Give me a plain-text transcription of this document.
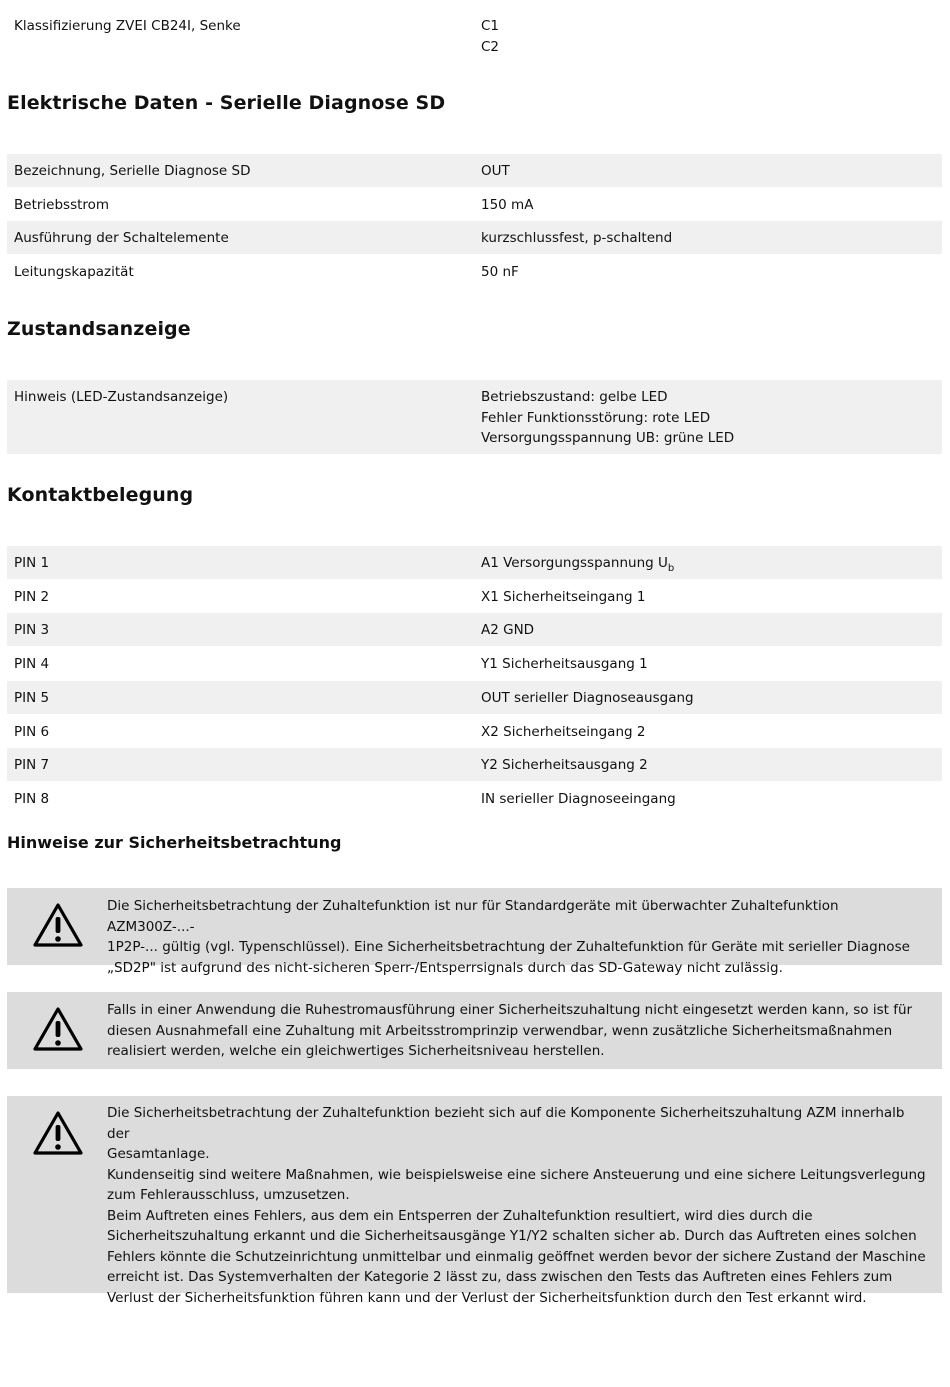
Klassifizierung ZVEI CB24I, Senke	C1
C2
Elektrische Daten - Serielle Diagnose SD
Bezeichnung, Serielle Diagnose SD	OUT
Betriebsstrom	150 mA
Ausführung der Schaltelemente	kurzschlussfest, p-schaltend
Leitungskapazität	50 nF
Zustandsanzeige
Hinweis (LED-Zustandsanzeige)	Betriebszustand: gelbe LED
Fehler Funktionsstörung: rote LED
Versorgungsspannung UB: grüne LED
Kontaktbelegung
PIN 1	A1 Versorgungsspannung $U_b$
PIN 2	X1 Sicherheitseingang 1
PIN 3	A2 GND
PIN 4	Y1 Sicherheitsausgang 1
PIN 5	OUT serieller Diagnoseausgang
PIN 6	X2 Sicherheitseingang 2
PIN 7	Y2 Sicherheitsausgang 2
PIN 8	IN serieller Diagnoseeingang
Hinweise zur Sicherheitsbetrachtung
Die Sicherheitsbetrachtung der Zuhaltefunktion ist nur für Standardgeräte mit überwachter Zuhaltefunktion AZM300Z-...-
1P2P-... gültig (vgl. Typenschlüssel). Eine Sicherheitsbetrachtung der Zuhaltefunktion für Geräte mit serieller Diagnose
„SD2P" ist aufgrund des nicht-sicheren Sperr-/Entsperrsignals durch das SD-Gateway nicht zulässig.
Falls in einer Anwendung die Ruhestromausführung einer Sicherheitszuhaltung nicht eingesetzt werden kann, so ist für
diesen Ausnahmefall eine Zuhaltung mit Arbeitsstromprinzip verwendbar, wenn zusätzliche Sicherheitsmaßnahmen
realisiert werden, welche ein gleichwertiges Sicherheitsniveau herstellen.
Die Sicherheitsbetrachtung der Zuhaltefunktion bezieht sich auf die Komponente Sicherheitszuhaltung AZM innerhalb der
Gesamtanlage.
Kundenseitig sind weitere Maßnahmen, wie beispielsweise eine sichere Ansteuerung und eine sichere Leitungsverlegung
zum Fehlerausschluss, umzusetzen.
Beim Auftreten eines Fehlers, aus dem ein Entsperren der Zuhaltefunktion resultiert, wird dies durch die
Sicherheitszuhaltung erkannt und die Sicherheitsausgänge Y1/Y2 schalten sicher ab. Durch das Auftreten eines solchen
Fehlers könnte die Schutzeinrichtung unmittelbar und einmalig geöffnet werden bevor der sichere Zustand der Maschine
erreicht ist. Das Systemverhalten der Kategorie 2 lässt zu, dass zwischen den Tests das Auftreten eines Fehlers zum
Verlust der Sicherheitsfunktion führen kann und der Verlust der Sicherheitsfunktion durch den Test erkannt wird.
